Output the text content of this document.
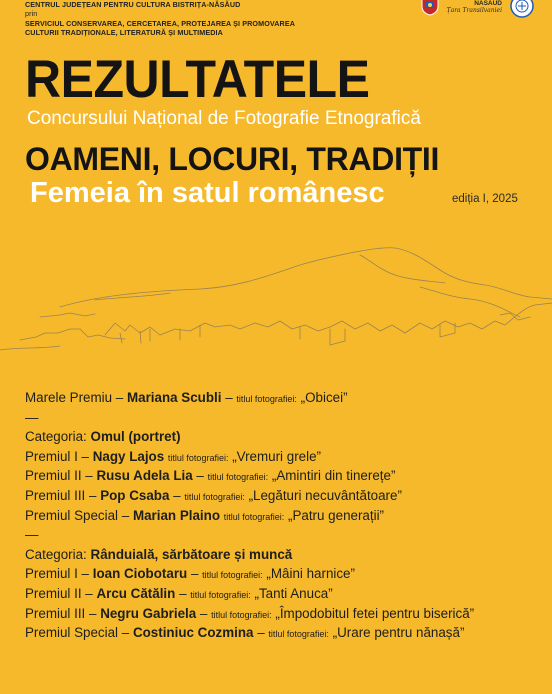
CENTRUL JUDEȚEAN PENTRU CULTURA BISTRIȚA-NĂSĂUD
prin
SERVICIUL CONSERVAREA, CERCETAREA, PROTEJAREA ȘI PROMOVAREA
CULTURII TRADIȚIONALE, LITERATURĂ ȘI MULTIMEDIA
NĂSĂUD
Țara Transilvaniei
REZULTATELE
Concursului Național de Fotografie Etnografică
OAMENI, LOCURI, TRADIȚII
Femeia în satul românesc	ediția I, 2025
Marele Premiu – Mariana Scubli – titlul fotografiei: „Obicei”
—
Categoria: Omul (portret)
Premiul I – Nagy Lajos titlul fotografiei: „Vremuri grele”
Premiul II – Rusu Adela Lia – titlul fotografiei: „Amintiri din tinerețe”
Premiul III – Pop Csaba – titlul fotografiei: „Legături necuvântătoare”
Premiul Special – Marian Plaino titlul fotografiei: „Patru generații”
—
Categoria: Rânduială, sărbătoare și muncă
Premiul I – Ioan Ciobotaru – titlul fotografiei: „Mâini harnice”
Premiul II – Arcu Cătălin – titlul fotografiei: „Tanti Anuca”
Premiul III – Negru Gabriela – titlul fotografiei: „Împodobitul fetei pentru biserică”
Premiul Special – Costiniuc Cozmina – titlul fotografiei: „Urare pentru nănașă”
